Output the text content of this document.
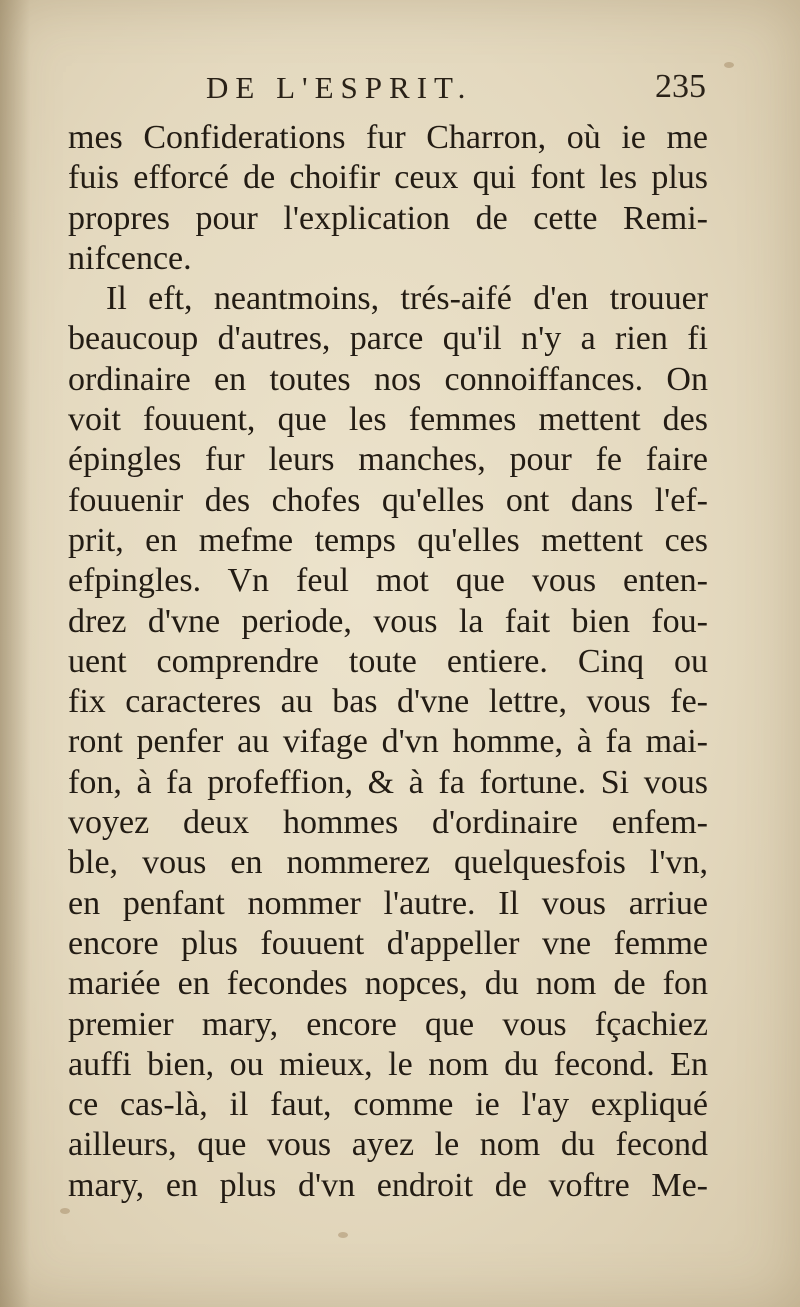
DE L'ESPRIT.	235
mes Confiderations fur Charron, où ie me
fuis efforcé de choifir ceux qui font les plus
propres pour l'explication de cette Remi-
nifcence.
Il eft, neantmoins, trés-aifé d'en trouuer
beaucoup d'autres, parce qu'il n'y a rien fi
ordinaire en toutes nos connoiffances. On
voit fouuent, que les femmes mettent des
épingles fur leurs manches, pour fe faire
fouuenir des chofes qu'elles ont dans l'ef-
prit, en mefme temps qu'elles mettent ces
efpingles. Vn feul mot que vous enten-
drez d'vne periode, vous la fait bien fou-
uent comprendre toute entiere. Cinq ou
fix caracteres au bas d'vne lettre, vous fe-
ront penfer au vifage d'vn homme, à fa mai-
fon, à fa profeffion, & à fa fortune. Si vous
voyez deux hommes d'ordinaire enfem-
ble, vous en nommerez quelquesfois l'vn,
en penfant nommer l'autre. Il vous arriue
encore plus fouuent d'appeller vne femme
mariée en fecondes nopces, du nom de fon
premier mary, encore que vous fçachiez
auffi bien, ou mieux, le nom du fecond. En
ce cas-là, il faut, comme ie l'ay expliqué
ailleurs, que vous ayez le nom du fecond
mary, en plus d'vn endroit de voftre Me-
